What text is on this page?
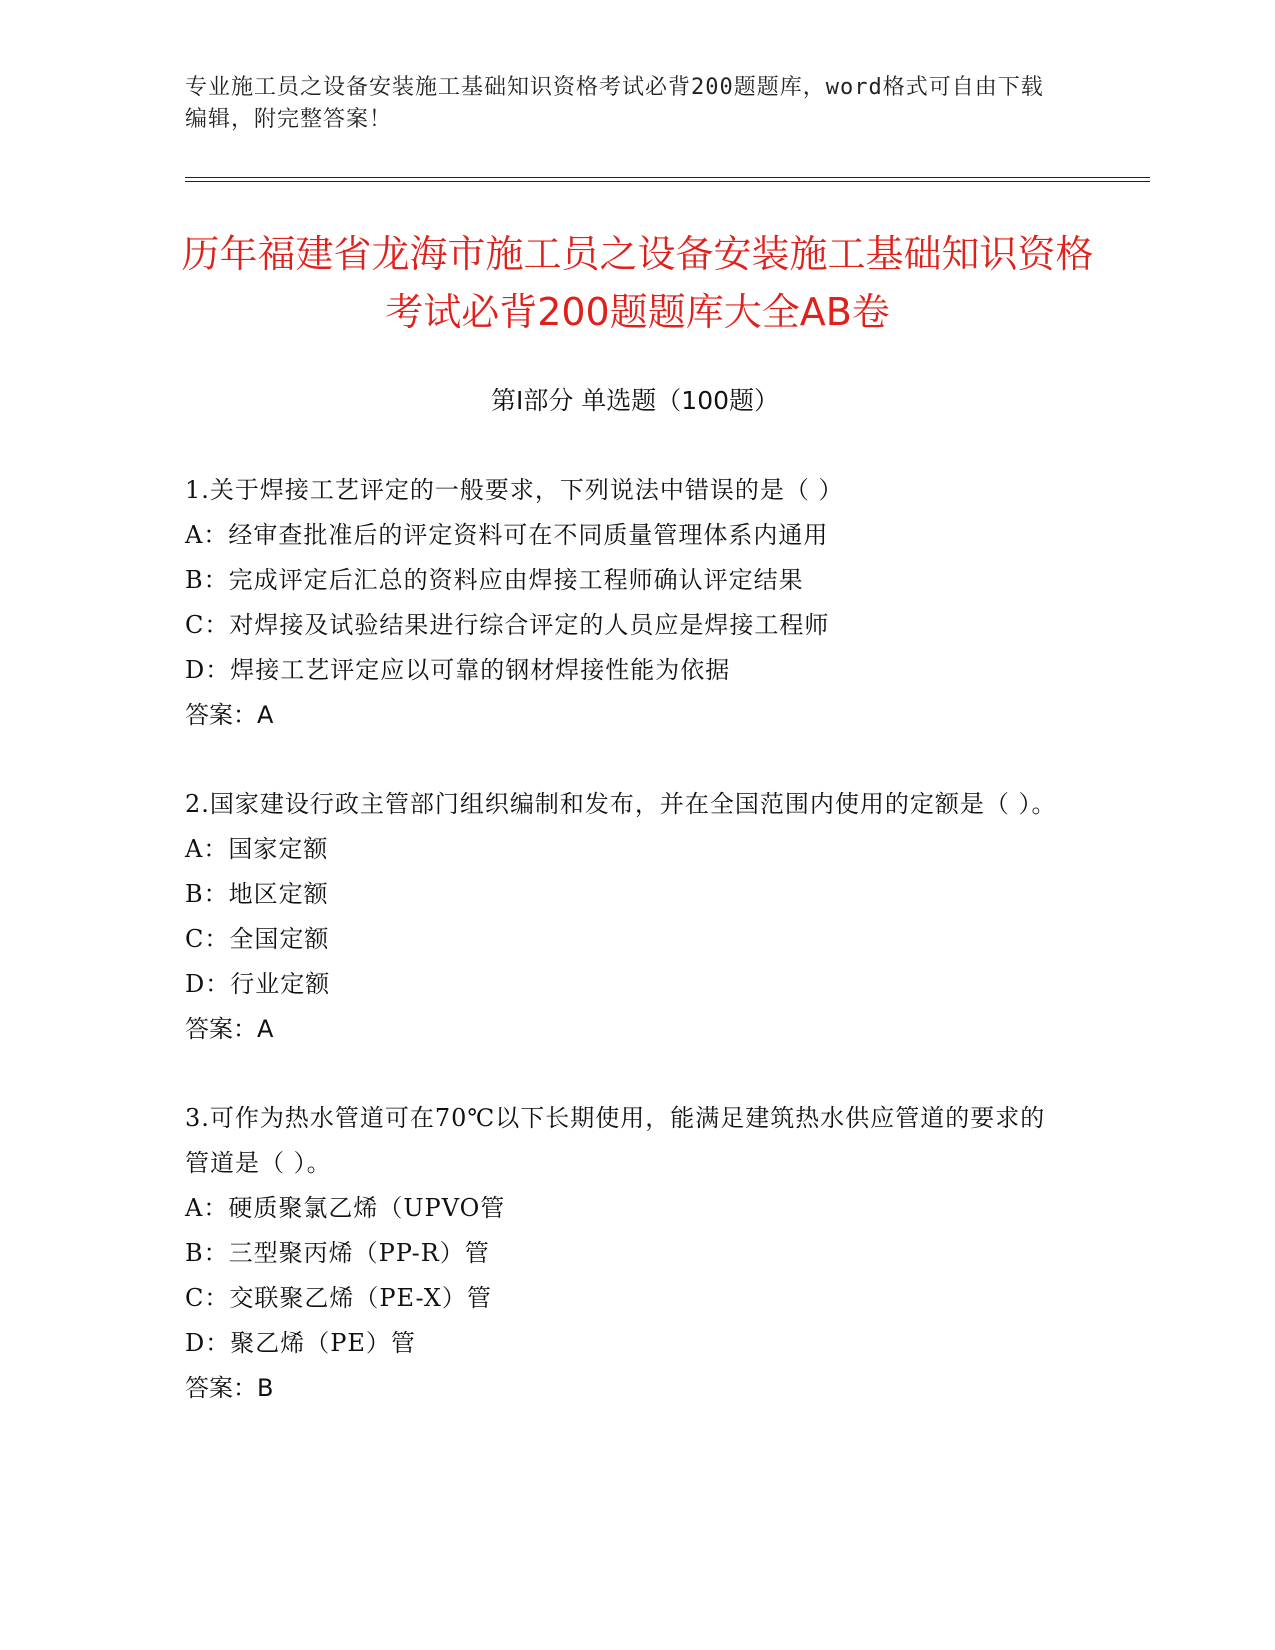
专业施工员之设备安装施工基础知识资格考试必背200题题库，word格式可自由下载编辑，附完整答案！
历年福建省龙海市施工员之设备安装施工基础知识资格考试必背200题题库大全AB卷
第Ⅰ部分 单选题（100题）
1.关于焊接工艺评定的一般要求，下列说法中错误的是（ ）
A：经审查批准后的评定资料可在不同质量管理体系内通用
B：完成评定后汇总的资料应由焊接工程师确认评定结果
C：对焊接及试验结果进行综合评定的人员应是焊接工程师
D：焊接工艺评定应以可靠的钢材焊接性能为依据
答案：A
2.国家建设行政主管部门组织编制和发布，并在全国范围内使用的定额是（ ）。
A：国家定额
B：地区定额
C：全国定额
D：行业定额
答案：A
3.可作为热水管道可在70℃以下长期使用，能满足建筑热水供应管道的要求的管道是（ ）。
A：硬质聚氯乙烯（UPVO管
B：三型聚丙烯（PP-R）管
C：交联聚乙烯（PE-X）管
D：聚乙烯（PE）管
答案：B
